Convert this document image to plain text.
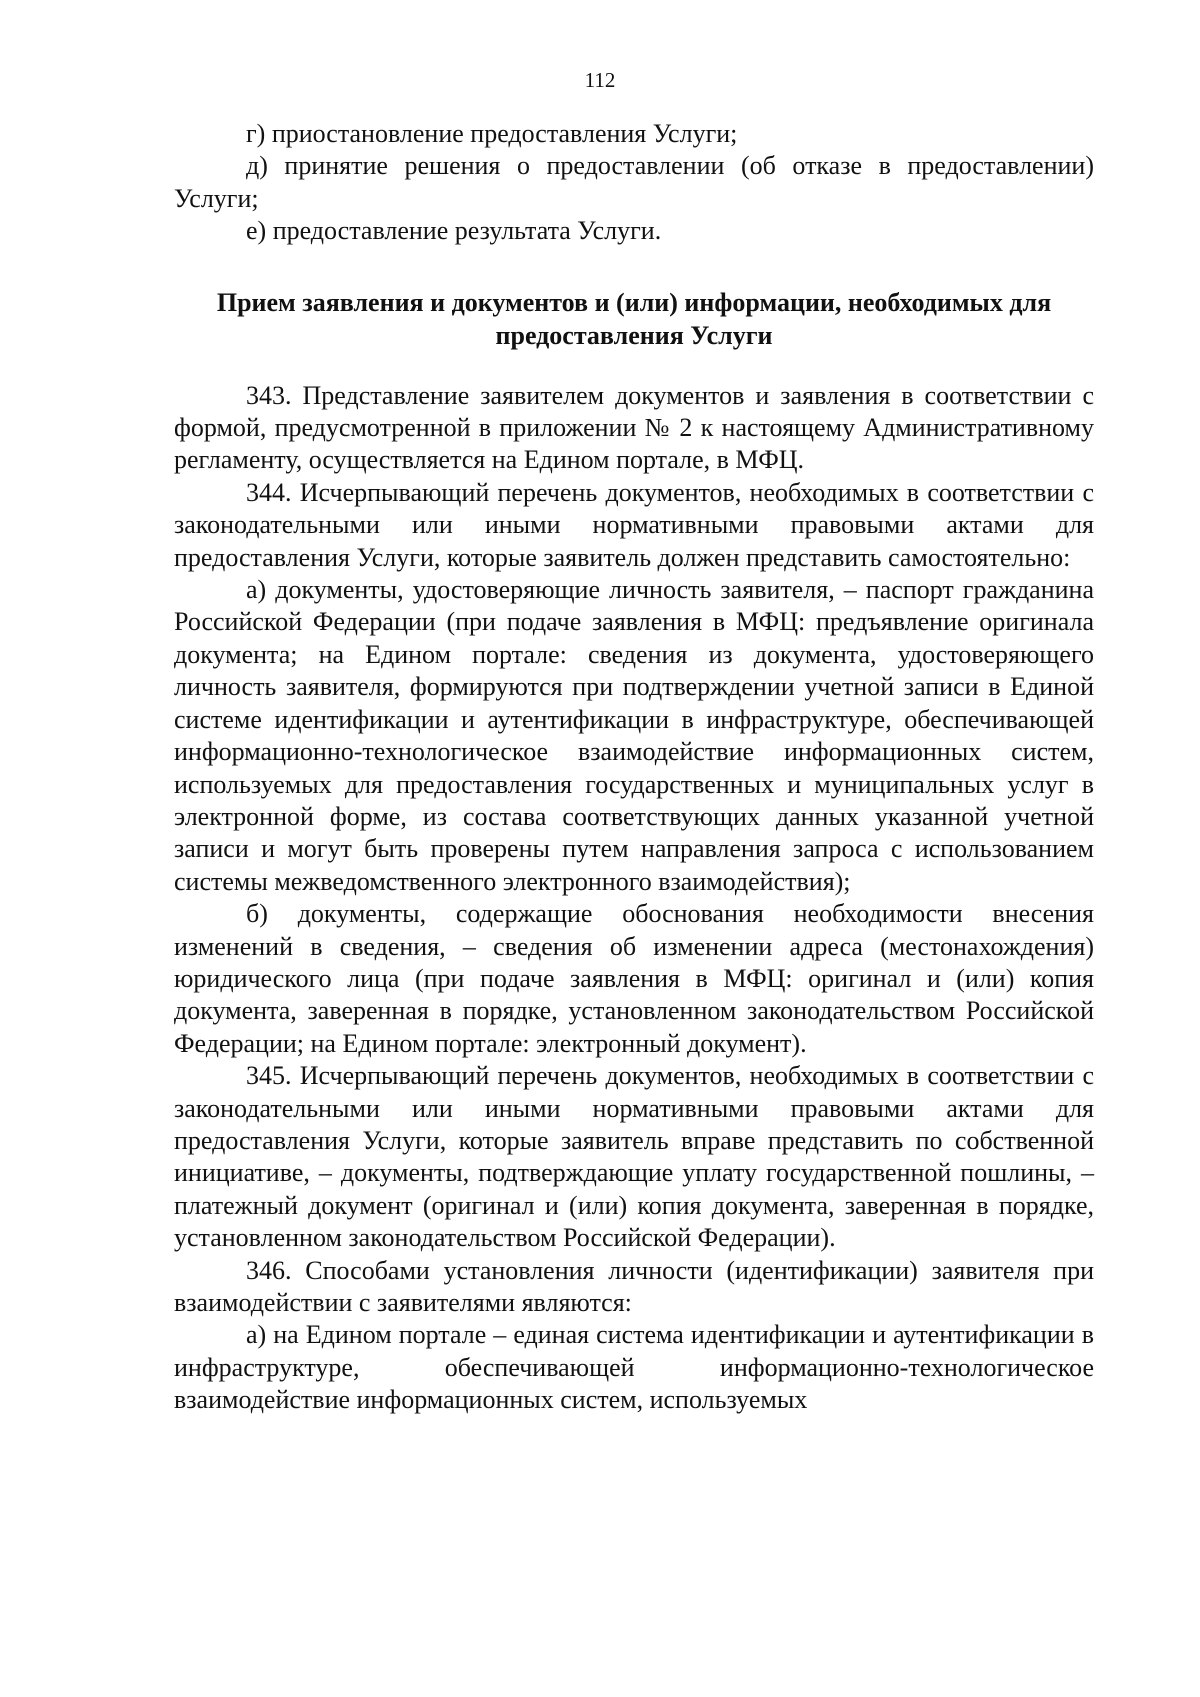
112

г) приостановление предоставления Услуги;

д) принятие решения о предоставлении (об отказе в предоставлении) Услуги;

е) предоставление результата Услуги.

Прием заявления и документов и (или) информации, необходимых для предоставления Услуги

343. Представление заявителем документов и заявления в соответствии с формой, предусмотренной в приложении № 2 к настоящему Административному регламенту, осуществляется на Едином портале, в МФЦ.

344. Исчерпывающий перечень документов, необходимых в соответствии с законодательными или иными нормативными правовыми актами для предоставления Услуги, которые заявитель должен представить самостоятельно:

а) документы, удостоверяющие личность заявителя, – паспорт гражданина Российской Федерации (при подаче заявления в МФЦ: предъявление оригинала документа; на Едином портале: сведения из документа, удостоверяющего личность заявителя, формируются при подтверждении учетной записи в Единой системе идентификации и аутентификации в инфраструктуре, обеспечивающей информационно-технологическое взаимодействие информационных систем, используемых для предоставления государственных и муниципальных услуг в электронной форме, из состава соответствующих данных указанной учетной записи и могут быть проверены путем направления запроса с использованием системы межведомственного электронного взаимодействия);

б) документы, содержащие обоснования необходимости внесения изменений в сведения, – сведения об изменении адреса (местонахождения) юридического лица (при подаче заявления в МФЦ: оригинал и (или) копия документа, заверенная в порядке, установленном законодательством Российской Федерации; на Едином портале: электронный документ).

345. Исчерпывающий перечень документов, необходимых в соответствии с законодательными или иными нормативными правовыми актами для предоставления Услуги, которые заявитель вправе представить по собственной инициативе, – документы, подтверждающие уплату государственной пошлины, – платежный документ (оригинал и (или) копия документа, заверенная в порядке, установленном законодательством Российской Федерации).

346. Способами установления личности (идентификации) заявителя при взаимодействии с заявителями являются:

а) на Едином портале – единая система идентификации и аутентификации в инфраструктуре, обеспечивающей информационно-технологическое взаимодействие информационных систем, используемых
